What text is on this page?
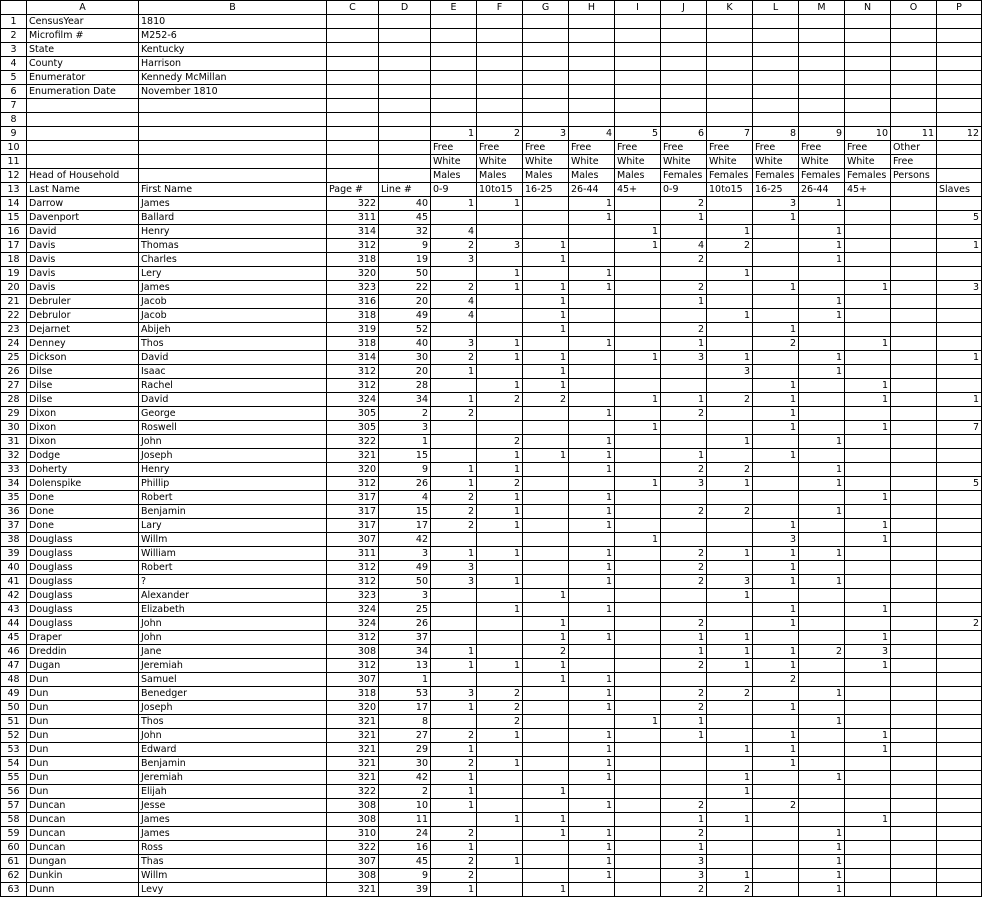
	A	B	C	D	E	F	G	H	I	J	K	L	M	N	O	P
1	CensusYear	1810														
2	Microfilm #	M252-6														
3	State	Kentucky														
4	County	Harrison														
5	Enumerator	Kennedy McMillan														
6	Enumeration Date	November 1810														
7																
8																
9					1	2	3	4	5	6	7	8	9	10	11	12
10					Free	Free	Free	Free	Free	Free	Free	Free	Free	Free	Other	
11					White	White	White	White	White	White	White	White	White	White	Free	
12	Head of Household				Males	Males	Males	Males	Males	Females	Females	Females	Females	Females	Persons	
13	Last Name	First Name	Page #	Line #	0-9	10to15	16-25	26-44	45+	0-9	10to15	16-25	26-44	45+		Slaves
14	Darrow	James	322	40	1	1		1		2		3	1			
15	Davenport	Ballard	311	45				1		1		1				5
16	David	Henry	314	32	4				1		1		1			
17	Davis	Thomas	312	9	2	3	1		1	4	2		1			1
18	Davis	Charles	318	19	3		1			2			1			
19	Davis	Lery	320	50		1		1			1					
20	Davis	James	323	22	2	1	1	1		2		1		1		3
21	Debruler	Jacob	316	20	4		1			1			1			
22	Debrulor	Jacob	318	49	4		1				1		1			
23	Dejarnet	Abijeh	319	52			1			2		1				
24	Denney	Thos	318	40	3	1		1		1		2		1		
25	Dickson	David	314	30	2	1	1		1	3	1		1			1
26	Dilse	Isaac	312	20	1		1				3		1			
27	Dilse	Rachel	312	28		1	1					1		1		
28	Dilse	David	324	34	1	2	2		1	1	2	1		1		1
29	Dixon	George	305	2	2			1		2		1				
30	Dixon	Roswell	305	3					1			1		1		7
31	Dixon	John	322	1		2		1			1		1			
32	Dodge	Joseph	321	15		1	1	1		1		1				
33	Doherty	Henry	320	9	1	1		1		2	2		1			
34	Dolenspike	Phillip	312	26	1	2			1	3	1		1			5
35	Done	Robert	317	4	2	1		1						1		
36	Done	Benjamin	317	15	2	1		1		2	2		1			
37	Done	Lary	317	17	2	1		1				1		1		
38	Douglass	Willm	307	42					1			3		1		
39	Douglass	William	311	3	1	1		1		2	1	1	1			
40	Douglass	Robert	312	49	3			1		2		1				
41	Douglass	?	312	50	3	1		1		2	3	1	1			
42	Douglass	Alexander	323	3			1				1					
43	Douglass	Elizabeth	324	25		1		1				1		1		
44	Douglass	John	324	26			1			2		1				2
45	Draper	John	312	37			1	1		1	1			1		
46	Dreddin	Jane	308	34	1		2			1	1	1	2	3		
47	Dugan	Jeremiah	312	13	1	1	1			2	1	1		1		
48	Dun	Samuel	307	1			1	1				2				
49	Dun	Benedger	318	53	3	2		1		2	2		1			
50	Dun	Joseph	320	17	1	2		1		2		1				
51	Dun	Thos	321	8		2			1	1			1			
52	Dun	John	321	27	2	1		1		1		1		1		
53	Dun	Edward	321	29	1			1			1	1		1		
54	Dun	Benjamin	321	30	2	1		1				1				
55	Dun	Jeremiah	321	42	1			1			1		1			
56	Dun	Elijah	322	2	1		1				1					
57	Duncan	Jesse	308	10	1			1		2		2				
58	Duncan	James	308	11		1	1			1	1			1		
59	Duncan	James	310	24	2		1	1		2			1			
60	Duncan	Ross	322	16	1			1		1			1			
61	Dungan	Thas	307	45	2	1		1		3			1			
62	Dunkin	Willm	308	9	2			1		3	1		1			
63	Dunn	Levy	321	39	1		1			2	2		1			
